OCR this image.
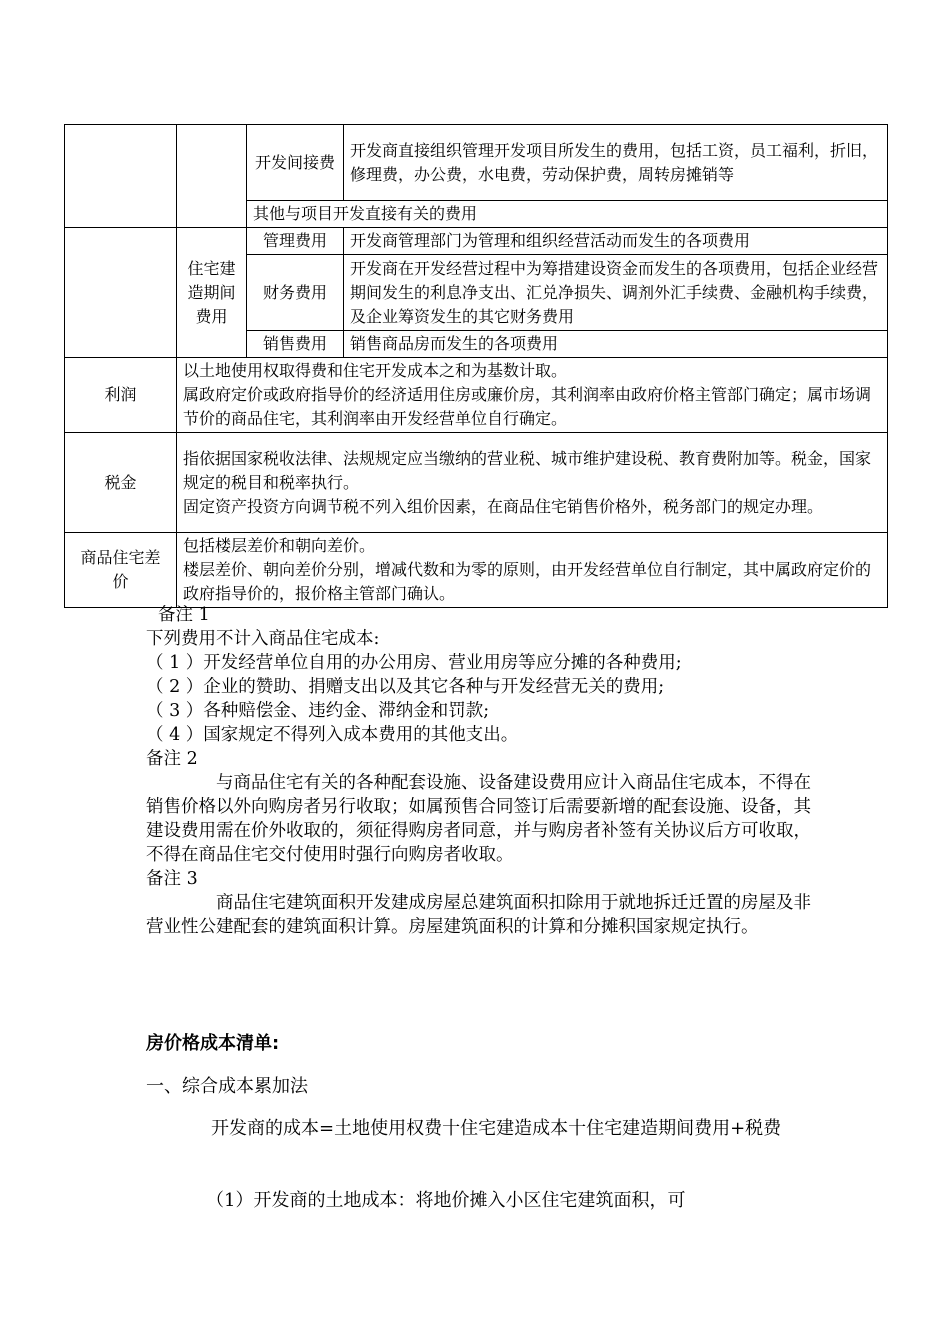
		开发间接费	开发商直接组织管理开发项目所发生的费用，包括工资，员工福利，折旧，修理费，办公费，水电费，劳动保护费，周转房摊销等
		其他与项目开发直接有关的费用	
	住宅建造期间费用	管理费用	开发商管理部门为管理和组织经营活动而发生的各项费用
		财务费用	开发商在开发经营过程中为筹措建设资金而发生的各项费用，包括企业经营期间发生的利息净支出、汇兑净损失、调剂外汇手续费、金融机构手续费，及企业筹资发生的其它财务费用
		销售费用	销售商品房而发生的各项费用

利润	以土地使用权取得费和住宅开发成本之和为基数计取。
属政府定价或政府指导价的经济适用住房或廉价房，其利润率由政府价格主管部门确定；属市场调节价的商品住宅，其利润率由开发经营单位自行确定。		

税金	指依据国家税收法律、法规规定应当缴纳的营业税、城市维护建设税、教育费附加等。税金，国家规定的税目和税率执行。
固定资产投资方向调节税不列入组价因素，在商品住宅销售价格外，税务部门的规定办理。		

商品住宅差价	包括楼层差价和朝向差价。
楼层差价、朝向差价分别，增减代数和为零的原则，由开发经营单位自行制定，其中属政府定价的政府指导价的，报价格主管部门确认。		
备注 1
下列费用不计入商品住宅成本:
（ 1 ）开发经营单位自用的办公用房、营业用房等应分摊的各种费用;
（ 2 ）企业的赞助、捐赠支出以及其它各种与开发经营无关的费用;
（ 3 ）各种赔偿金、违约金、滞纳金和罚款;
（ 4 ）国家规定不得列入成本费用的其他支出。
备注 2
与商品住宅有关的各种配套设施、设备建设费用应计入商品住宅成本，不得在销售价格以外向购房者另行收取；如属预售合同签订后需要新增的配套设施、设备，其建设费用需在价外收取的，须征得购房者同意，并与购房者补签有关协议后方可收取，不得在商品住宅交付使用时强行向购房者收取。
备注 3
商品住宅建筑面积开发建成房屋总建筑面积扣除用于就地拆迁迁置的房屋及非营业性公建配套的建筑面积计算。房屋建筑面积的计算和分摊积国家规定执行。
房价格成本清单:
一、综合成本累加法
开发商的成本=土地使用权费十住宅建造成本十住宅建造期间费用+税费
（1）开发商的土地成本：将地价摊入小区住宅建筑面积，可
